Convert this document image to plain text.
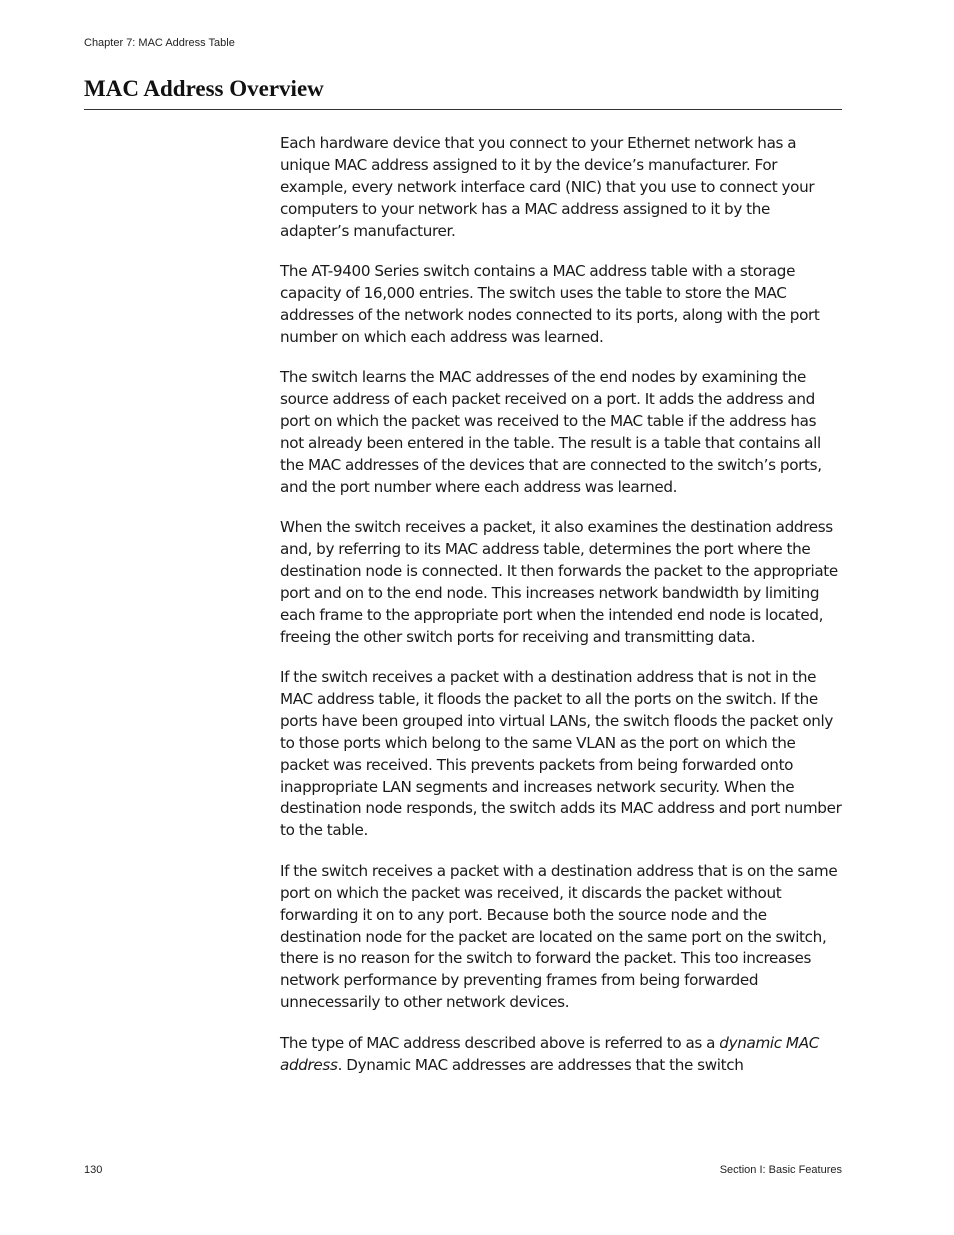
Chapter 7: MAC Address Table
MAC Address Overview

Each hardware device that you connect to your Ethernet network has a unique MAC address assigned to it by the device’s manufacturer. For example, every network interface card (NIC) that you use to connect your computers to your network has a MAC address assigned to it by the adapter’s manufacturer.

The AT-9400 Series switch contains a MAC address table with a storage capacity of 16,000 entries. The switch uses the table to store the MAC addresses of the network nodes connected to its ports, along with the port number on which each address was learned.

The switch learns the MAC addresses of the end nodes by examining the source address of each packet received on a port. It adds the address and port on which the packet was received to the MAC table if the address has not already been entered in the table. The result is a table that contains all the MAC addresses of the devices that are connected to the switch’s ports, and the port number where each address was learned.

When the switch receives a packet, it also examines the destination address and, by referring to its MAC address table, determines the port where the destination node is connected. It then forwards the packet to the appropriate port and on to the end node. This increases network bandwidth by limiting each frame to the appropriate port when the intended end node is located, freeing the other switch ports for receiving and transmitting data.

If the switch receives a packet with a destination address that is not in the MAC address table, it floods the packet to all the ports on the switch. If the ports have been grouped into virtual LANs, the switch floods the packet only to those ports which belong to the same VLAN as the port on which the packet was received. This prevents packets from being forwarded onto inappropriate LAN segments and increases network security. When the destination node responds, the switch adds its MAC address and port number to the table.

If the switch receives a packet with a destination address that is on the same port on which the packet was received, it discards the packet without forwarding it on to any port. Because both the source node and the destination node for the packet are located on the same port on the switch, there is no reason for the switch to forward the packet. This too increases network performance by preventing frames from being forwarded unnecessarily to other network devices.

The type of MAC address described above is referred to as a dynamic MAC address. Dynamic MAC addresses are addresses that the switch

130	Section I: Basic Features
